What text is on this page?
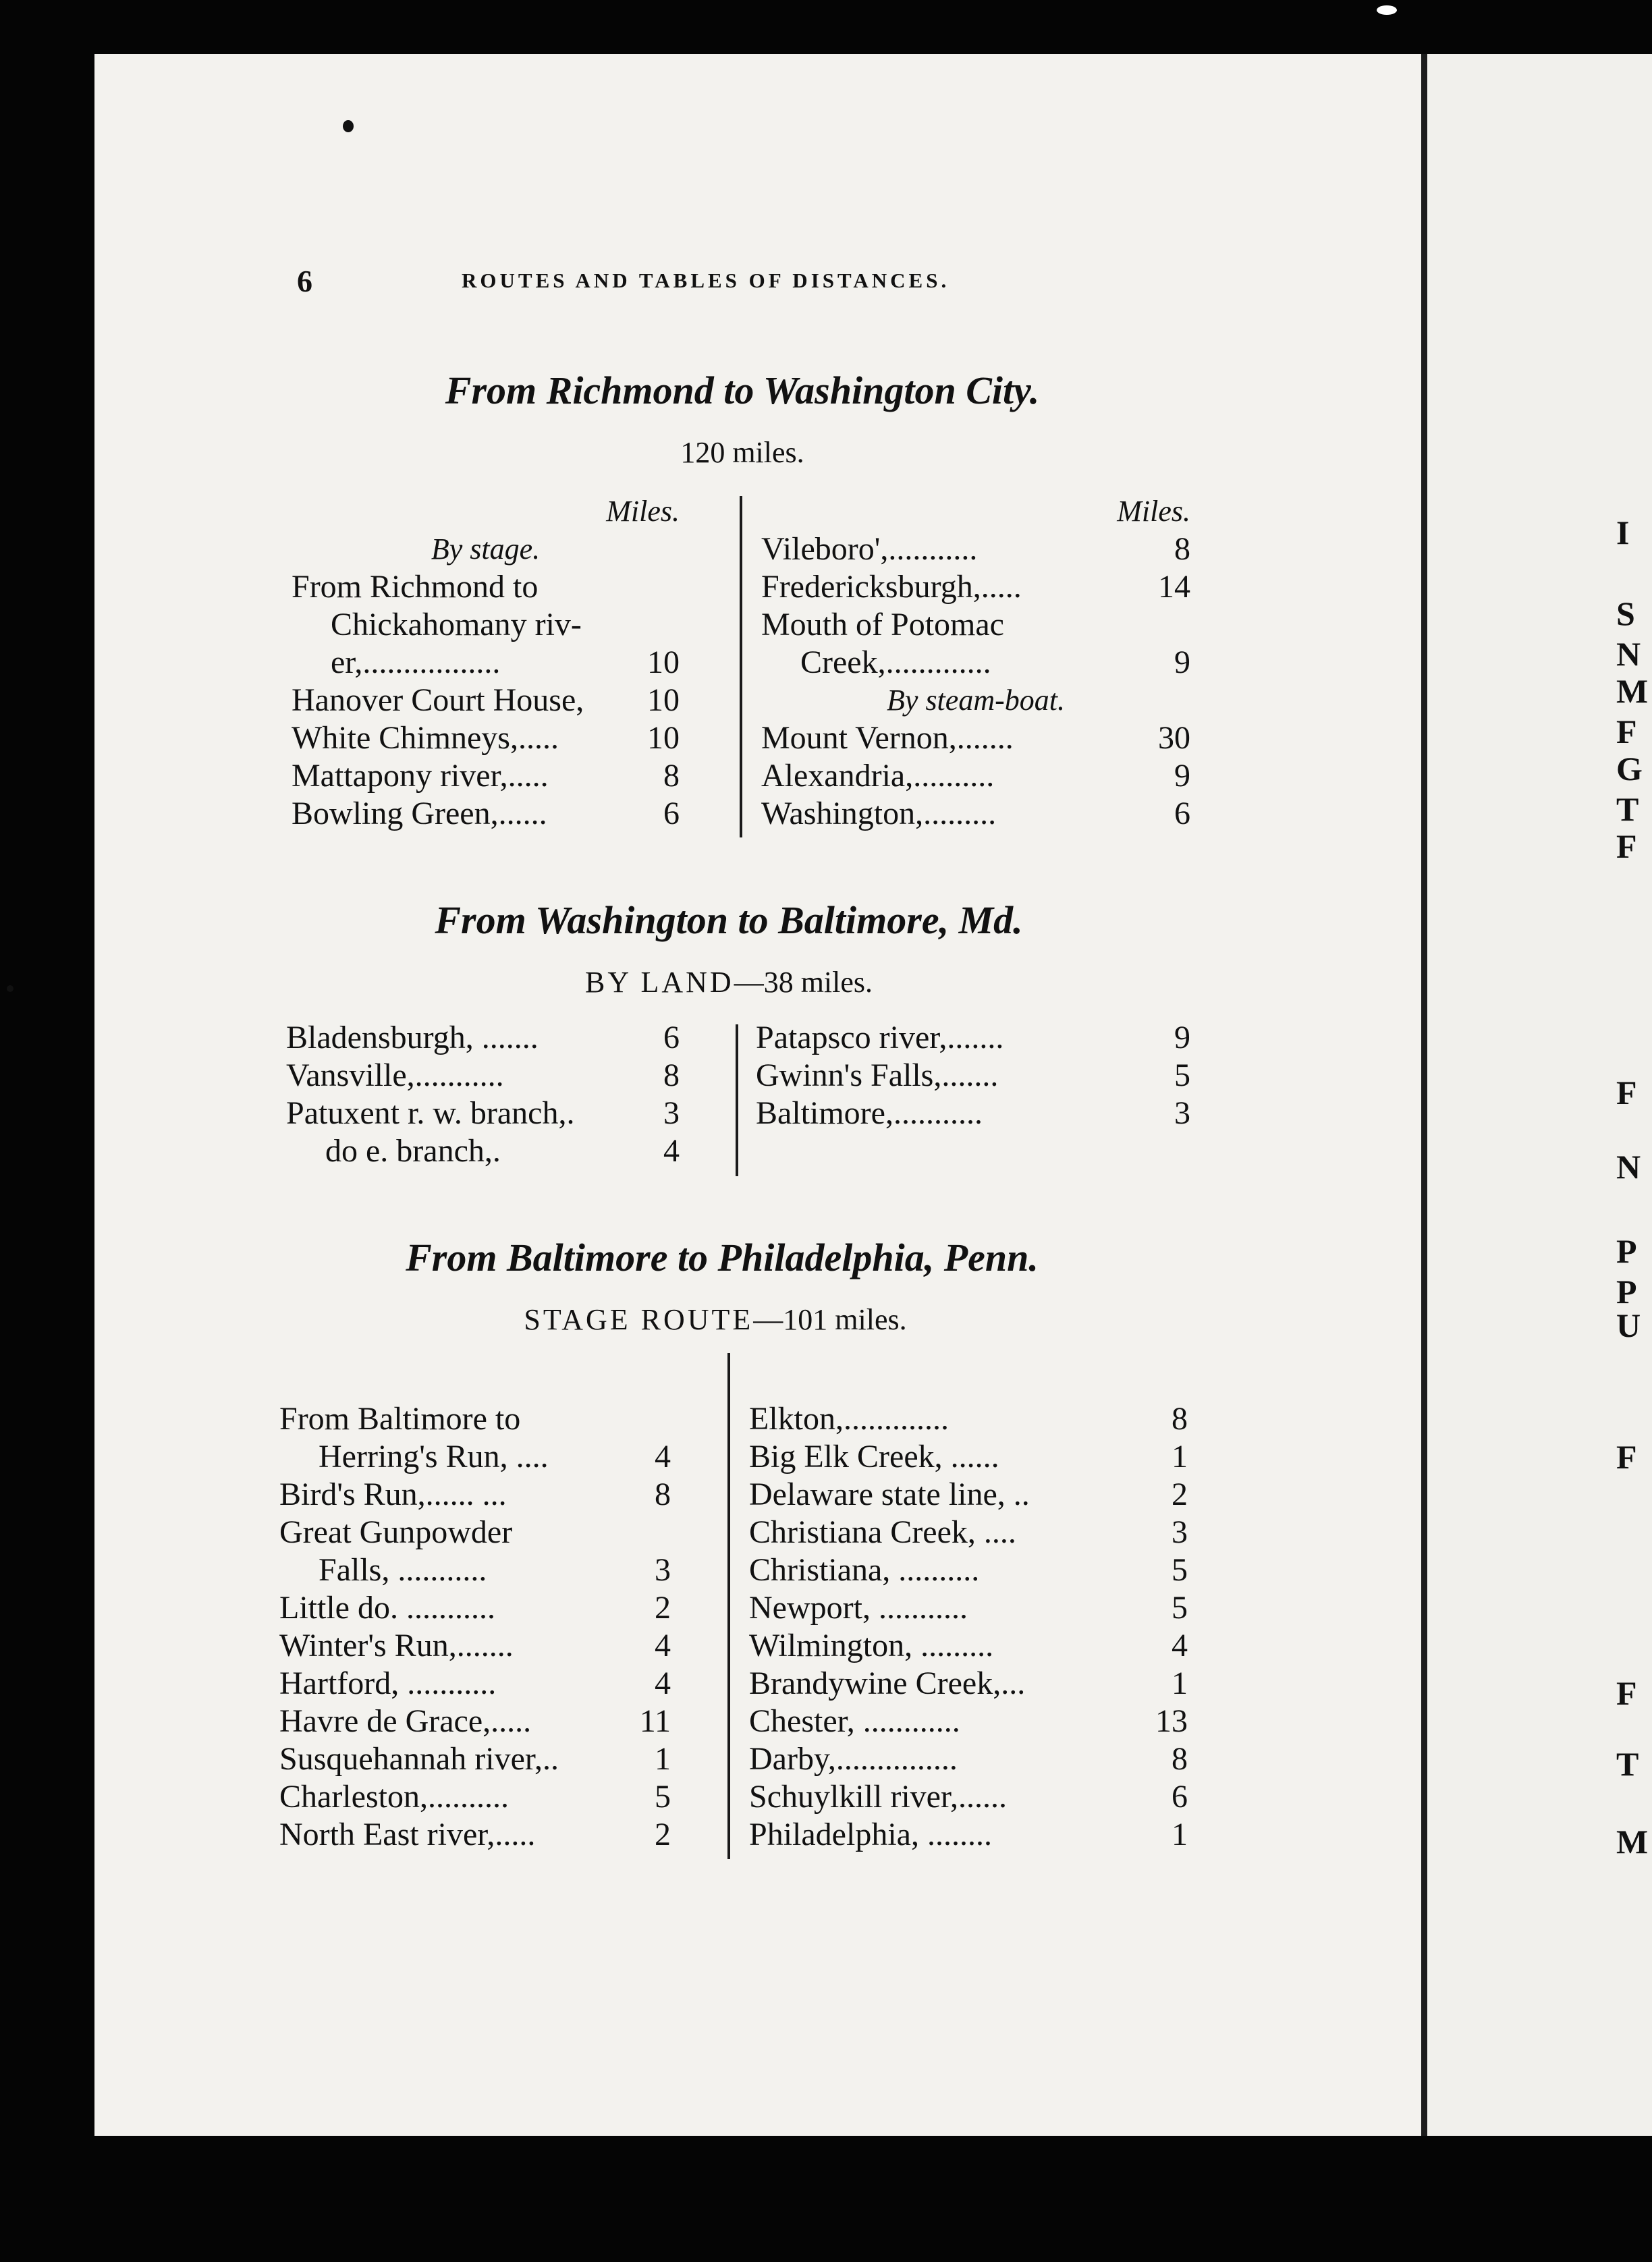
6	ROUTES AND TABLES OF DISTANCES.
From Richmond to Washington City.
120 miles.
Miles.
By stage.
From Richmond to
Chickahomany riv-
er,.................	10
Hanover Court House, 10
White Chimneys,.....	10
Mattapony river,.....	8
Bowling Green,......	6
Miles.
Vileboro',...........	8
Fredericksburgh,.....	14
Mouth of Potomac
Creek,.............	9
By steam-boat.
Mount Vernon,.......	30
Alexandria,..........	9
Washington,.........	6
From Washington to Baltimore, Md.
BY LAND—38 miles.
Bladensburgh, .......	6
Vansville,...........	8
Patuxent r. w. branch,.	3
do e. branch,.	4
Patapsco river,.......	9
Gwinn's Falls,.......	5
Baltimore,...........	3
From Baltimore to Philadelphia, Penn.
STAGE ROUTE—101 miles.
From Baltimore to
Herring's Run, ....	4
Bird's Run,...... ...	8
Great Gunpowder
Falls, ...........	3
Little do. ...........	2
Winter's Run,.......	4
Hartford, ...........	4
Havre de Grace,.....	11
Susquehannah river,..	1
Charleston,..........	5
North East river,.....	2
Elkton,.............	8
Big Elk Creek, ......	1
Delaware state line, ..	2
Christiana Creek, ....	3
Christiana, ..........	5
Newport, ...........	5
Wilmington, .........	4
Brandywine Creek,...	1
Chester, ............	13
Darby,...............	8
Schuylkill river,......	6
Philadelphia, ........	1
I
S
N
M
F
G
T
F
F
N
P
P
U
F
F
T
M
